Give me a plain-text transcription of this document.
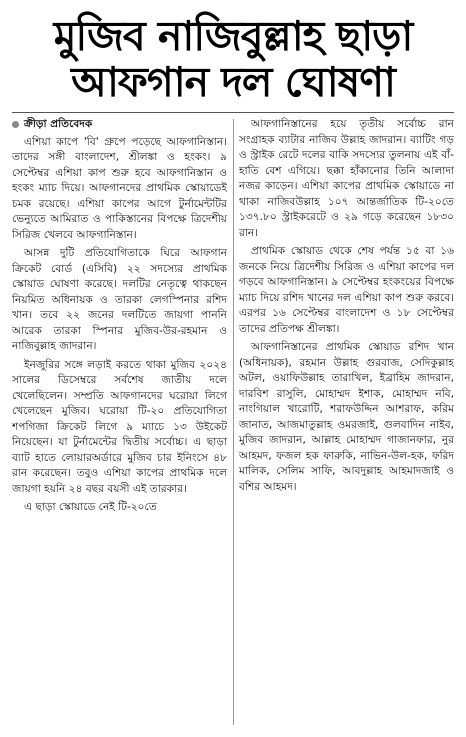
মুজিব নাজিবুল্লাহ ছাড়া
আফগান দল ঘোষণা
ক্রীড়া প্রতিবেদক

এশিয়া কাপে 'বি' গ্রুপে পড়েছে আফগানিস্তান। তাদের সঙ্গী বাংলাদেশ, শ্রীলঙ্কা ও হংকং। ৯ সেপ্টেম্বর এশিয়া কাপ শুরু হবে আফগানিস্তান ও হংকং ম্যাচ দিয়ে। আফগানদের প্রাথমিক স্কোয়াডেই চমক রয়েছে। এশিয়া কাপের আগে টুর্নামেন্টটির ভেন্যুতে আমিরাত ও পাকিস্তানের বিপক্ষে ত্রিদেশীয় সিরিজ খেলবে আফগানিস্তান।

আসন্ন দুটি প্রতিযোগিতাকে ঘিরে আফগান ক্রিকেট বোর্ড (এসিবি) ২২ সদস্যের প্রাথমিক স্কোয়াড ঘোষণা করেছে। দলটির নেতৃত্বে থাকছেন নিয়মিত অধিনায়ক ও তারকা লেগস্পিনার রশিদ খান। তবে ২২ জনের দলটিতে জায়গা পাননি আরেক তারকা স্পিনার মুজিব-উর-রহমান ও নাজিবুল্লাহ জাদরান।

ইনজুরির সঙ্গে লড়াই করতে থাকা মুজিব ২০২৪ সালের ডিসেম্বরে সর্বশেষ জাতীয় দলে খেলেছিলেন। সম্প্রতি আফগানদের ঘরোয়া লিগে খেলেছেন মুজিব। ঘরোয়া টি-২০ প্রতিযোগিতা শপগিজা ক্রিকেট লিগে ৯ ম্যাচে ১৩ উইকেট নিয়েছেন। যা টুর্নামেন্টের দ্বিতীয় সর্বোচ্চ। এ ছাড়া ব্যাট হাতে লোয়ারঅর্ডারে মুজিব চার ইনিংসে ৪৮ রান করেছেন। তবুও এশিয়া কাপের প্রাথমিক দলে জায়গা হয়নি ২৪ বছর বয়সী এই তারকার।

এ ছাড়া স্কোয়াডে নেই টি-২০তে

আফগানিস্তানের হয়ে তৃতীয় সর্বোচ্চ রান সংগ্রাহক ব্যাটার নাজিব উল্লাহ জাদরান। ব্যাটিং গড় ও স্ট্রাইক রেটে দলের বাকি সদস্যের তুলনায় এই বাঁ-হাতি বেশ এগিয়ে। ছক্কা হাঁকানোর তিনি আলাদা নজর কাড়েন। এশিয়া কাপের প্রাথমিক স্কোয়াডে না থাকা নাজিবউল্লাহ ১০৭ আন্তর্জাতিক টি-২০তে ১৩৭.৮০ স্ট্রাইকরেটে ও ২৯ গড়ে করেছেন ১৮৩০ রান।

প্রাথমিক স্কোয়াড থেকে শেষ পর্যন্ত ১৫ বা ১৬ জনকে নিয়ে ত্রিদেশীয় সিরিজ ও এশিয়া কাপের দল গড়বে আফগানিস্তান। ৯ সেপ্টেম্বর হংকংয়ের বিপক্ষে ম্যাচ দিয়ে রশিদ খানের দল এশিয়া কাপ শুরু করবে। এরপর ১৬ সেপ্টেম্বর বাংলাদেশ ও ১৮ সেপ্টেম্বর তাদের প্রতিপক্ষ শ্রীলঙ্কা।

আফগানিস্তানের প্রাথমিক স্কোয়াড রশিদ খান (অধিনায়ক), রহমান উল্লাহ গুরবাজ, সেদিকুল্লাহ অটল, ওয়াফিউল্লাহ তারাখিল, ইব্রাহিম জাদরান, দারবিশ রাসুলি, মোহাম্মদ ইশাক, মোহাম্মদ নবি, নাংগিয়াল খারোটি, শরাফউদ্দিন আশরাফ, করিম জানাত, আজমাতুল্লাহ ওমরজাই, গুলবাদিন নাইব, মুজিব জাদরান, আল্লাহ মোহাম্মদ গাজানফার, নুর আহমদ, ফজল হক ফারুকি, নাভিন-উল-হক, ফরিদ মালিক, সেলিম সাফি, আবদুল্লাহ আহমাদজাই ও বশির আহমদ।
